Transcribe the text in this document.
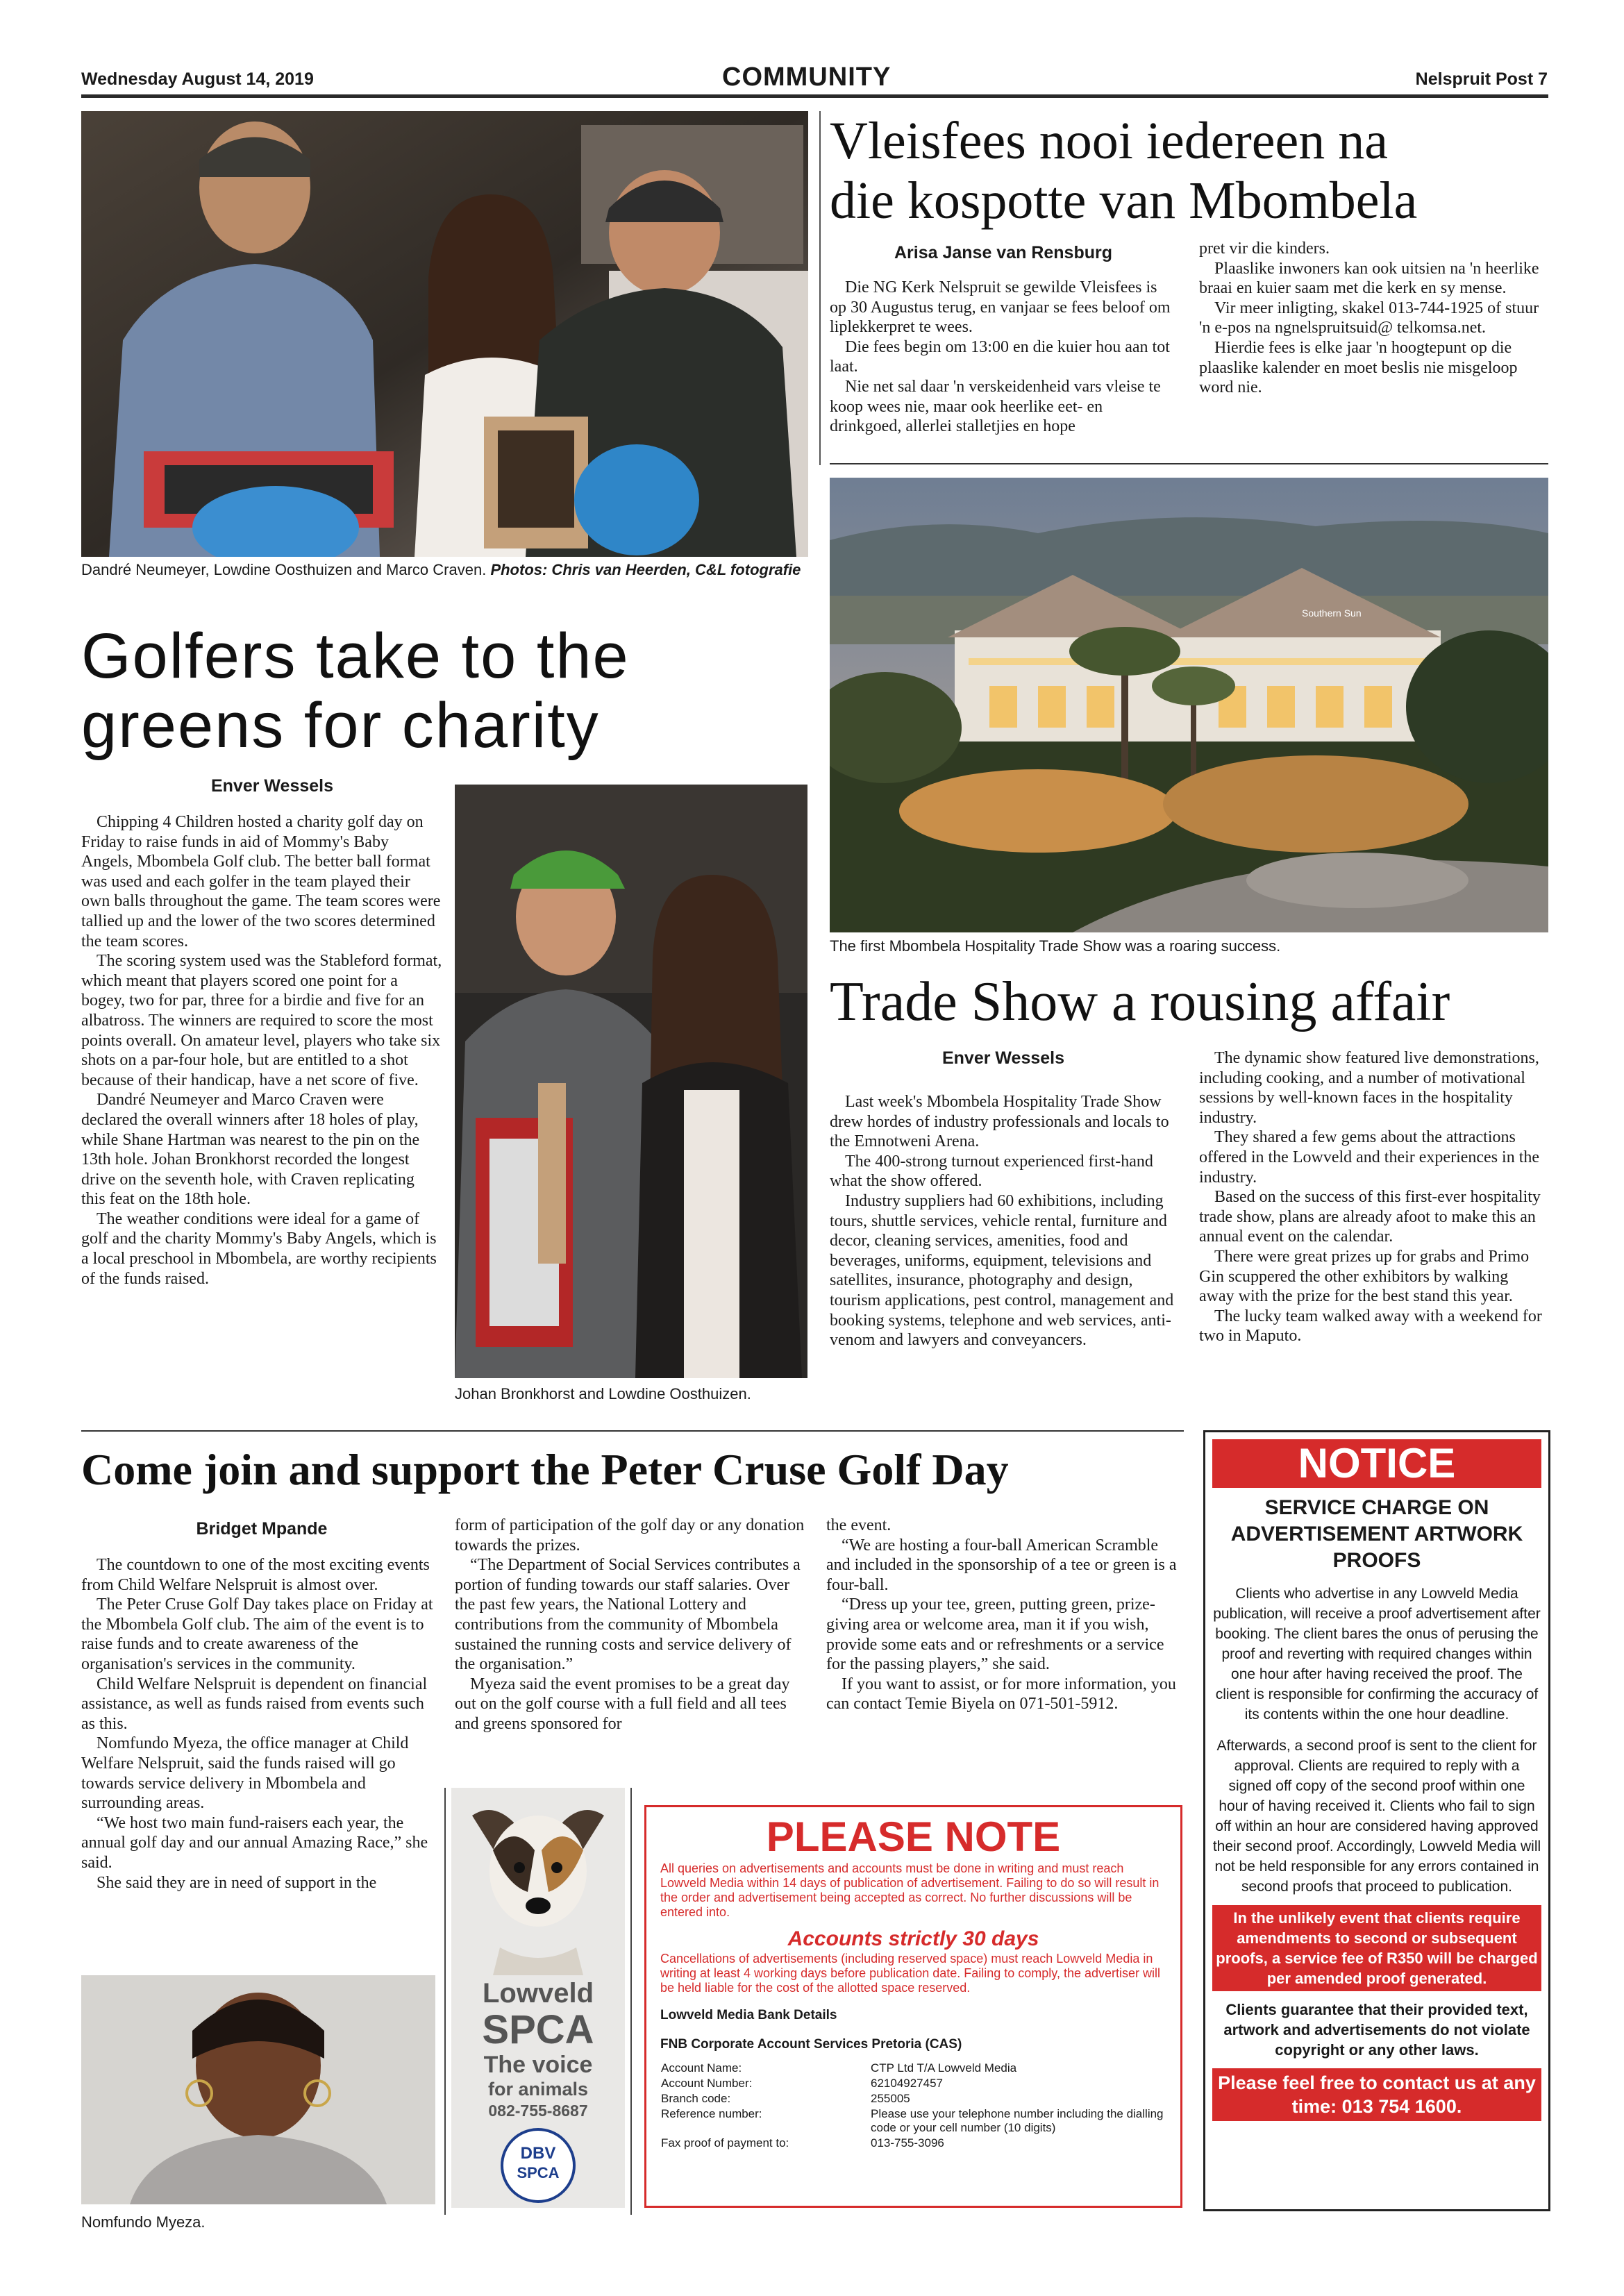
Wednesday August 14, 2019	COMMUNITY	Nelspruit Post 7
Dandré Neumeyer, Lowdine Oosthuizen and Marco Craven. Photos: Chris van Heerden, C&L fotografie
Golfers take to the
greens for charity
Enver Wessels

Chipping 4 Children hosted a charity golf day on Friday to raise funds in aid of Mommy's Baby Angels, Mbombela Golf club. The better ball format was used and each golfer in the team played their own balls throughout the game. The team scores were tallied up and the lower of the two scores determined the team scores.

The scoring system used was the Stableford format, which meant that players scored one point for a bogey, two for par, three for a birdie and five for an albatross. The winners are required to score the most points overall. On amateur level, players who take six shots on a par-four hole, but are entitled to a shot because of their handicap, have a net score of five.

Dandré Neumeyer and Marco Craven were declared the overall winners after 18 holes of play, while Shane Hartman was nearest to the pin on the 13th hole. Johan Bronkhorst recorded the longest drive on the seventh hole, with Craven replicating this feat on the 18th hole.

The weather conditions were ideal for a game of golf and the charity Mommy's Baby Angels, which is a local preschool in Mbombela, are worthy recipients of the funds raised.

Johan Bronkhorst and Lowdine Oosthuizen.
Vleisfees nooi iedereen na
die kospotte van Mbombela
Arisa Janse van Rensburg

Die NG Kerk Nelspruit se gewilde Vleisfees is op 30 Augustus terug, en vanjaar se fees beloof om liplekkerpret te wees.

Die fees begin om 13:00 en die kuier hou aan tot laat.

Nie net sal daar 'n verskeidenheid vars vleise te koop wees nie, maar ook heerlike eet- en drinkgoed, allerlei stalletjies en hope

pret vir die kinders.

Plaaslike inwoners kan ook uitsien na 'n heerlike braai en kuier saam met die kerk en sy mense.

Vir meer inligting, skakel 013-744-1925 of stuur 'n e-pos na ngnelspruitsuid@ telkomsa.net.

Hierdie fees is elke jaar 'n hoogtepunt op die plaaslike kalender en moet beslis nie misgeloop word nie.

Southern Sun
The first Mbombela Hospitality Trade Show was a roaring success.
Trade Show a rousing affair
Enver Wessels

Last week's Mbombela Hospitality Trade Show drew hordes of industry professionals and locals to the Emnotweni Arena.

The 400-strong turnout experienced first-hand what the show offered.

Industry suppliers had 60 exhibitions, including tours, shuttle services, vehicle rental, furniture and decor, cleaning services, amenities, food and beverages, uniforms, equipment, televisions and satellites, insurance, photography and design, tourism applications, pest control, management and booking systems, telephone and web services, anti-venom and lawyers and conveyancers.

The dynamic show featured live demonstrations, including cooking, and a number of motivational sessions by well-known faces in the hospitality industry.

They shared a few gems about the attractions offered in the Lowveld and their experiences in the industry.

Based on the success of this first-ever hospitality trade show, plans are already afoot to make this an annual event on the calendar.

There were great prizes up for grabs and Primo Gin scuppered the other exhibitors by walking away with the prize for the best stand this year.

The lucky team walked away with a weekend for two in Maputo.

Come join and support the Peter Cruse Golf Day
Bridget Mpande

The countdown to one of the most exciting events from Child Welfare Nelspruit is almost over.

The Peter Cruse Golf Day takes place on Friday at the Mbombela Golf club. The aim of the event is to raise funds and to create awareness of the organisation's services in the community.

Child Welfare Nelspruit is dependent on financial assistance, as well as funds raised from events such as this.

Nomfundo Myeza, the office manager at Child Welfare Nelspruit, said the funds raised will go towards service delivery in Mbombela and surrounding areas.

“We host two main fund-raisers each year, the annual golf day and our annual Amazing Race,” she said.

She said they are in need of support in the

form of participation of the golf day or any donation towards the prizes.

“The Department of Social Services contributes a portion of funding towards our staff salaries. Over the past few years, the National Lottery and contributions from the community of Mbombela sustained the running costs and service delivery of the organisation.”

Myeza said the event promises to be a great day out on the golf course with a full field and all tees and greens sponsored for

the event.

“We are hosting a four-ball American Scramble and included in the sponsorship of a tee or green is a four-ball.

“Dress up your tee, green, putting green, prize-giving area or welcome area, man it if you wish, provide some eats and or refreshments or a service for the passing players,” she said.

If you want to assist, or for more information, you can contact Temie Biyela on 071-501-5912.

Nomfundo Myeza.
Lowveld
SPCA
The voice
for animals
082-755-8687
DBV
SPCA
PLEASE NOTE
All queries on advertisements and accounts must be done in writing and must reach Lowveld Media within 14 days of publication of advertisement. Failing to do so will result in the order and advertisement being accepted as correct. No further discussions will be entered into.
Accounts strictly 30 days
Cancellations of advertisements (including reserved space) must reach Lowveld Media in writing at least 4 working days before publication date. Failing to comply, the advertiser will be held liable for the cost of the allotted space reserved.
Lowveld Media Bank Details
FNB Corporate Account Services Pretoria (CAS)
Account Name:	CTP Ltd T/A Lowveld Media
Account Number:	62104927457
Branch code:	255005
Reference number:	Please use your telephone number including the dialling code or your cell number (10 digits)
Fax proof of payment to:	013-755-3096
NOTICE
SERVICE CHARGE ON ADVERTISEMENT ARTWORK PROOFS
Clients who advertise in any Lowveld Media publication, will receive a proof advertisement after booking. The client bares the onus of perusing the proof and reverting with required changes within one hour after having received the proof. The client is responsible for confirming the accuracy of its contents within the one hour deadline.
Afterwards, a second proof is sent to the client for approval. Clients are required to reply with a signed off copy of the second proof within one hour of having received it. Clients who fail to sign off within an hour are considered having approved their second proof. Accordingly, Lowveld Media will not be held responsible for any errors contained in second proofs that proceed to publication.
In the unlikely event that clients require amendments to second or subsequent proofs, a service fee of R350 will be charged per amended proof generated.
Clients guarantee that their provided text, artwork and advertisements do not violate copyright or any other laws.
Please feel free to contact us at any time: 013 754 1600.
